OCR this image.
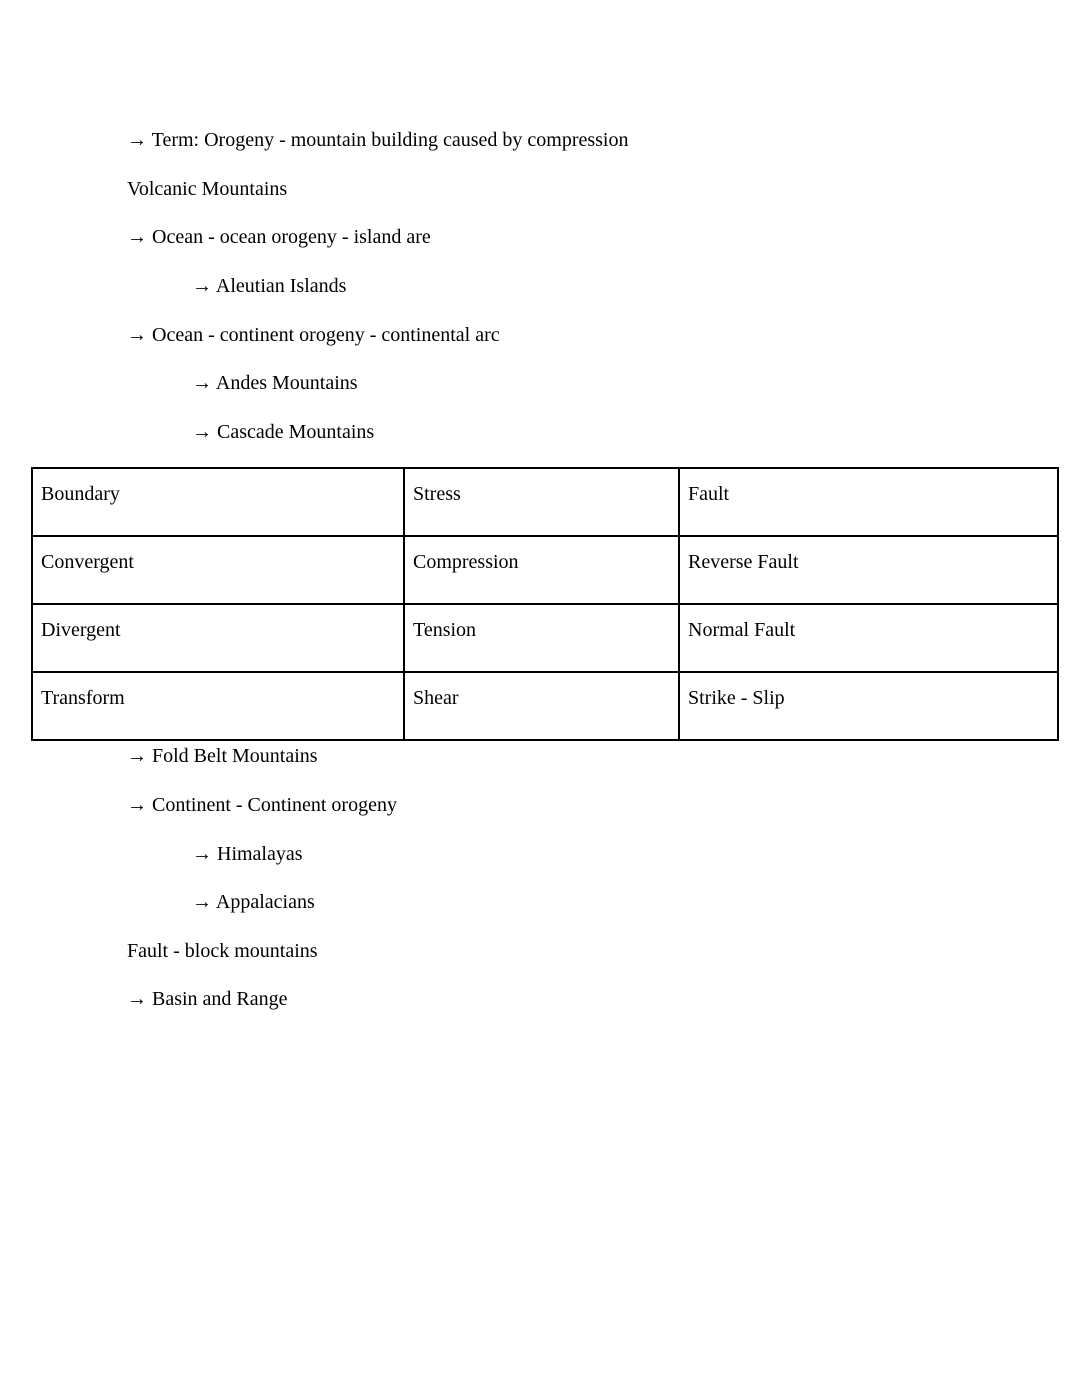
→ Term: Orogeny - mountain building caused by compression
Volcanic Mountains
→ Ocean - ocean orogeny - island are
→ Aleutian Islands
→ Ocean - continent orogeny - continental arc
→ Andes Mountains
→ Cascade Mountains
Boundary	Stress	Fault
Convergent	Compression	Reverse Fault
Divergent	Tension	Normal Fault
Transform	Shear	Strike - Slip
→ Fold Belt Mountains
→ Continent - Continent orogeny
→ Himalayas
→ Appalacians
Fault - block mountains
→ Basin and Range
